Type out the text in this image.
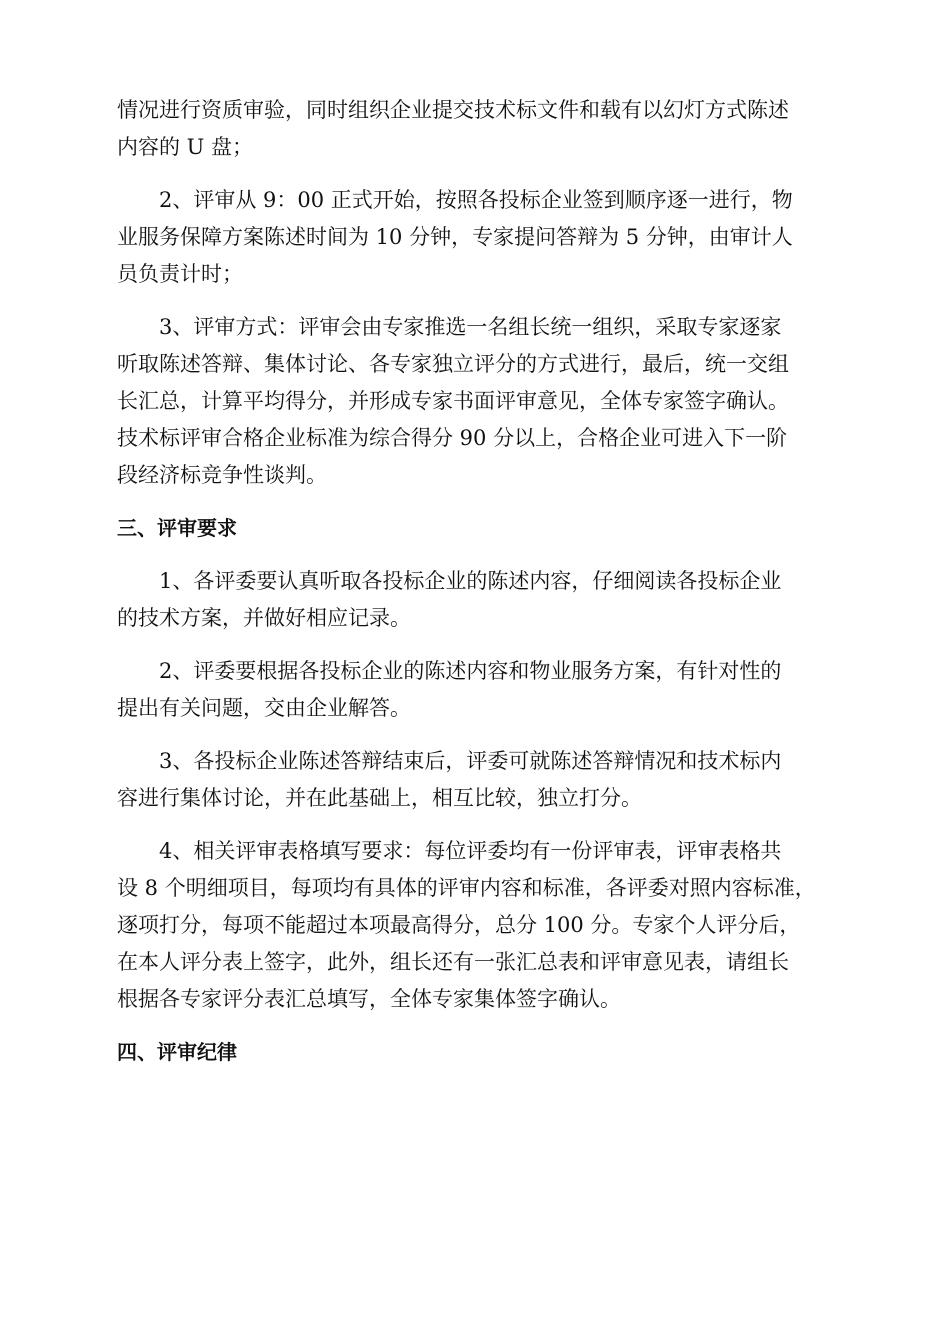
情况进行资质审验，同时组织企业提交技术标文件和载有以幻灯方式陈述
内容的 U 盘；
2、评审从 9：00 正式开始，按照各投标企业签到顺序逐一进行，物
业服务保障方案陈述时间为 10 分钟，专家提问答辩为 5 分钟，由审计人
员负责计时；
3、评审方式：评审会由专家推选一名组长统一组织，采取专家逐家
听取陈述答辩、集体讨论、各专家独立评分的方式进行，最后，统一交组
长汇总，计算平均得分，并形成专家书面评审意见，全体专家签字确认。
技术标评审合格企业标准为综合得分 90 分以上，合格企业可进入下一阶
段经济标竞争性谈判。
三、评审要求
1、各评委要认真听取各投标企业的陈述内容，仔细阅读各投标企业
的技术方案，并做好相应记录。
2、评委要根据各投标企业的陈述内容和物业服务方案，有针对性的
提出有关问题，交由企业解答。
3、各投标企业陈述答辩结束后，评委可就陈述答辩情况和技术标内
容进行集体讨论，并在此基础上，相互比较，独立打分。
4、相关评审表格填写要求：每位评委均有一份评审表，评审表格共
设 8 个明细项目，每项均有具体的评审内容和标准，各评委对照内容标准，
逐项打分，每项不能超过本项最高得分，总分 100 分。专家个人评分后，
在本人评分表上签字，此外，组长还有一张汇总表和评审意见表，请组长
根据各专家评分表汇总填写，全体专家集体签字确认。
四、评审纪律
